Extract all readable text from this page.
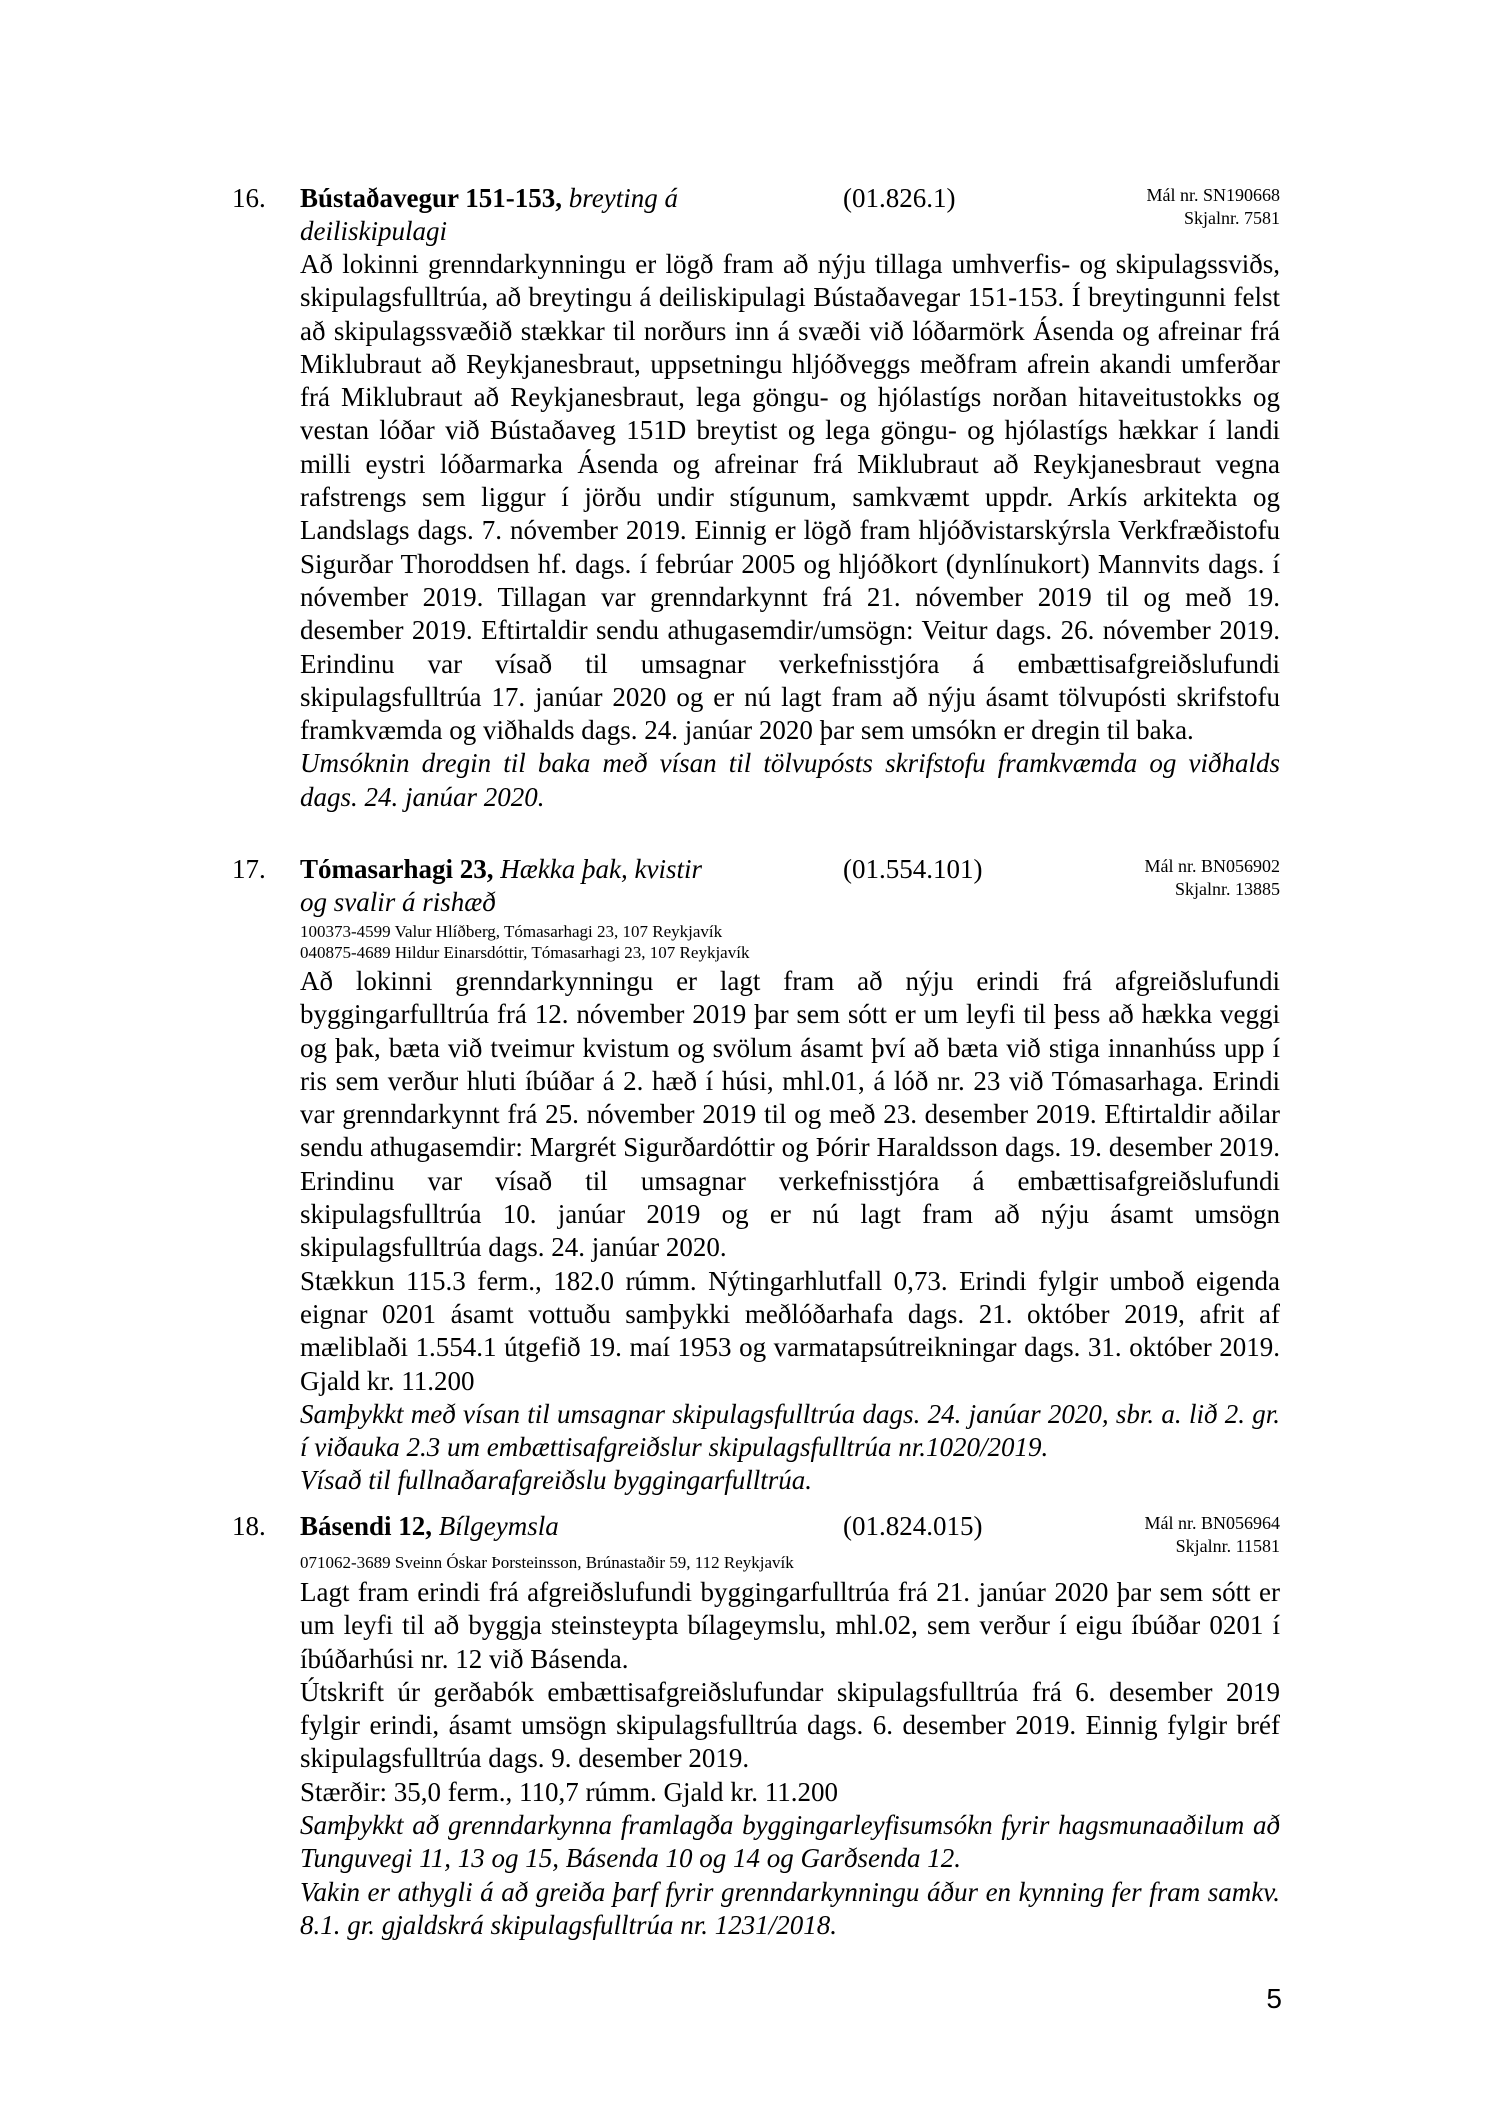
16. Bústaðavegur 151-153, breyting á deiliskipulagi
(01.826.1)	Mál nr. SN190668
Skjalnr. 7581

Að lokinni grenndarkynningu er lögð fram að nýju tillaga umhverfis- og skipulagssviðs, skipulagsfulltrúa, að breytingu á deiliskipulagi Bústaðavegar 151-153. Í breytingunni felst að skipulagssvæðið stækkar til norðurs inn á svæði við lóðarmörk Ásenda og afreinar frá Miklubraut að Reykjanesbraut, uppsetningu hljóðveggs meðfram afrein akandi umferðar frá Miklubraut að Reykjanesbraut, lega göngu- og hjólastígs norðan hitaveitustokks og vestan lóðar við Bústaðaveg 151D breytist og lega göngu- og hjólastígs hækkar í landi milli eystri lóðarmarka Ásenda og afreinar frá Miklubraut að Reykjanesbraut vegna rafstrengs sem liggur í jörðu undir stígunum, samkvæmt uppdr. Arkís arkitekta og Landslags dags. 7. nóvember 2019. Einnig er lögð fram hljóðvistarskýrsla Verkfræðistofu Sigurðar Thoroddsen hf. dags. í febrúar 2005 og hljóðkort (dynlínukort) Mannvits dags. í nóvember 2019. Tillagan var grenndarkynnt frá 21. nóvember 2019 til og með 19. desember 2019. Eftirtaldir sendu athugasemdir/umsögn: Veitur dags. 26. nóvember 2019. Erindinu var vísað til umsagnar verkefnisstjóra á embættisafgreiðslufundi skipulagsfulltrúa 17. janúar 2020 og er nú lagt fram að nýju ásamt tölvupósti skrifstofu framkvæmda og viðhalds dags. 24. janúar 2020 þar sem umsókn er dregin til baka.

Umsóknin dregin til baka með vísan til tölvupósts skrifstofu framkvæmda og viðhalds dags. 24. janúar 2020.

17. Tómasarhagi 23, Hækka þak, kvistir og svalir á rishæð
(01.554.101)	Mál nr. BN056902
Skjalnr. 13885
100373-4599 Valur Hlíðberg, Tómasarhagi 23, 107 Reykjavík
040875-4689 Hildur Einarsdóttir, Tómasarhagi 23, 107 Reykjavík

Að lokinni grenndarkynningu er lagt fram að nýju erindi frá afgreiðslufundi byggingarfulltrúa frá 12. nóvember 2019 þar sem sótt er um leyfi til þess að hækka veggi og þak, bæta við tveimur kvistum og svölum ásamt því að bæta við stiga innanhúss upp í ris sem verður hluti íbúðar á 2. hæð í húsi, mhl.01, á lóð nr. 23 við Tómasarhaga. Erindi var grenndarkynnt frá 25. nóvember 2019 til og með 23. desember 2019. Eftirtaldir aðilar sendu athugasemdir: Margrét Sigurðardóttir og Þórir Haraldsson dags. 19. desember 2019. Erindinu var vísað til umsagnar verkefnisstjóra á embættisafgreiðslufundi skipulagsfulltrúa 10. janúar 2019 og er nú lagt fram að nýju ásamt umsögn skipulagsfulltrúa dags. 24. janúar 2020.

Stækkun 115.3 ferm., 182.0 rúmm. Nýtingarhlutfall 0,73. Erindi fylgir umboð eigenda eignar 0201 ásamt vottuðu samþykki meðlóðarhafa dags. 21. október 2019, afrit af mæliblaði 1.554.1 útgefið 19. maí 1953 og varmatapsútreikningar dags. 31. október 2019. Gjald kr. 11.200

Samþykkt með vísan til umsagnar skipulagsfulltrúa dags. 24. janúar 2020, sbr. a. lið 2. gr. í viðauka 2.3 um embættisafgreiðslur skipulagsfulltrúa nr.1020/2019.

Vísað til fullnaðarafgreiðslu byggingarfulltrúa.

18. Básendi 12, Bílgeymsla	(01.824.015)	Mál nr. BN056964
Skjalnr. 11581
071062-3689 Sveinn Óskar Þorsteinsson, Brúnastaðir 59, 112 Reykjavík

Lagt fram erindi frá afgreiðslufundi byggingarfulltrúa frá 21. janúar 2020 þar sem sótt er um leyfi til að byggja steinsteypta bílageymslu, mhl.02, sem verður í eigu íbúðar 0201 í íbúðarhúsi nr. 12 við Básenda.

Útskrift úr gerðabók embættisafgreiðslufundar skipulagsfulltrúa frá 6. desember 2019 fylgir erindi, ásamt umsögn skipulagsfulltrúa dags. 6. desember 2019. Einnig fylgir bréf skipulagsfulltrúa dags. 9. desember 2019.

Stærðir: 35,0 ferm., 110,7 rúmm. Gjald kr. 11.200

Samþykkt að grenndarkynna framlagða byggingarleyfisumsókn fyrir hagsmunaaðilum að Tunguvegi 11, 13 og 15, Básenda 10 og 14 og Garðsenda 12.

Vakin er athygli á að greiða þarf fyrir grenndarkynningu áður en kynning fer fram samkv. 8.1. gr. gjaldskrá skipulagsfulltrúa nr. 1231/2018.

5
